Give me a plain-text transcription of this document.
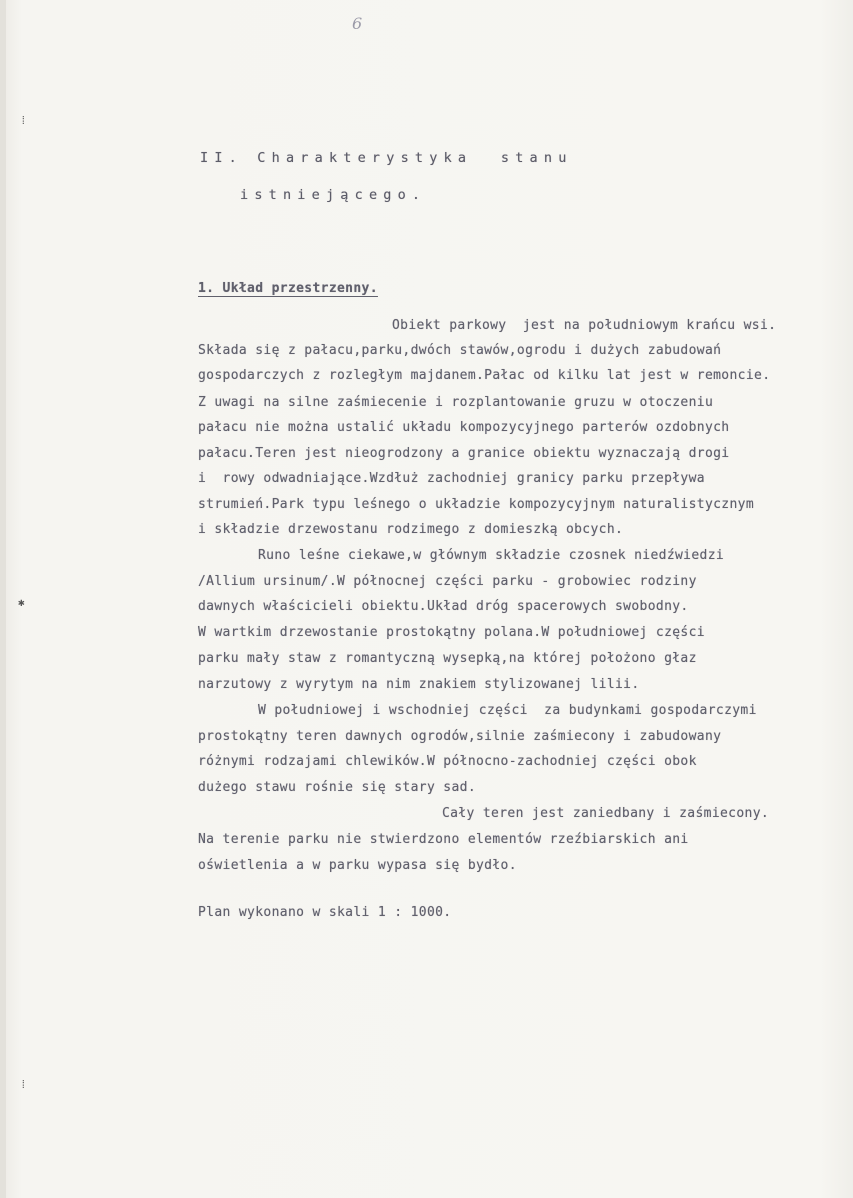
⁞
✱
⁞
6
II. Charakterystyka  stanu
istniejącego.
1. Układ przestrzenny.
Obiekt parkowy  jest na południowym krańcu wsi.
Składa się z pałacu,parku,dwóch stawów,ogrodu i dużych zabudowań
gospodarczych z rozległym majdanem.Pałac od kilku lat jest w remoncie.
Z uwagi na silne zaśmiecenie i rozplantowanie gruzu w otoczeniu
pałacu nie można ustalić układu kompozycyjnego parterów ozdobnych
pałacu.Teren jest nieogrodzony a granice obiektu wyznaczają drogi
i  rowy odwadniające.Wzdłuż zachodniej granicy parku przepływa
strumień.Park typu leśnego o układzie kompozycyjnym naturalistycznym
i składzie drzewostanu rodzimego z domieszką obcych.
Runo leśne ciekawe,w głównym składzie czosnek niedźwiedzi
/Allium ursinum/.W północnej części parku - grobowiec rodziny
dawnych właścicieli obiektu.Układ dróg spacerowych swobodny.
W wartkim drzewostanie prostokątny polana.W południowej części
parku mały staw z romantyczną wysepką,na której położono głaz
narzutowy z wyrytym na nim znakiem stylizowanej lilii.
W południowej i wschodniej części  za budynkami gospodarczymi
prostokątny teren dawnych ogrodów,silnie zaśmiecony i zabudowany
różnymi rodzajami chlewików.W północno-zachodniej części obok
dużego stawu rośnie się stary sad.
Cały teren jest zaniedbany i zaśmiecony.
Na terenie parku nie stwierdzono elementów rzeźbiarskich ani
oświetlenia a w parku wypasa się bydło.
Plan wykonano w skali 1 : 1000.
